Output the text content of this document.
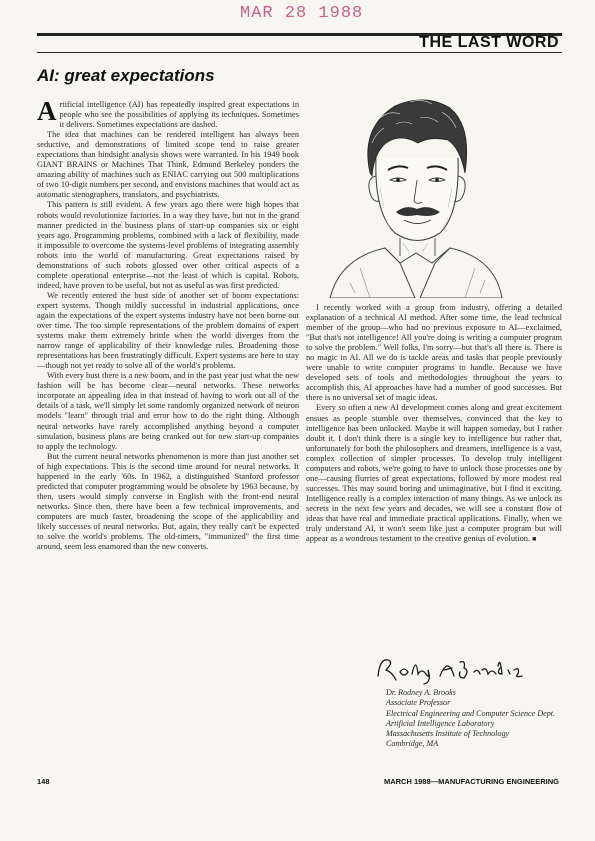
MAR 28 1988
THE LAST WORD
AI: great expectations

Artificial intelligence (AI) has repeatedly inspired great expectations in people who see the possibilities of applying its techniques. Sometimes it delivers. Sometimes expectations are dashed.

The idea that machines can be rendered intelligent has always been seductive, and demonstrations of limited scope tend to raise greater expectations than hindsight analysis shows were warranted. In his 1949 book GIANT BRAINS or Machines That Think, Edmund Berkeley ponders the amazing ability of machines such as ENIAC carrying out 500 multiplications of two 10-digit numbers per second, and envisions machines that would act as automatic stenographers, translators, and psychiatrists.

This pattern is still evident. A few years ago there were high hopes that robots would revolutionize factories. In a way they have, but not in the grand manner predicted in the business plans of start-up companies six or eight years ago. Programming problems, combined with a lack of flexibility, made it impossible to overcome the systems-level problems of integrating assembly robots into the world of manufacturing. Great expectations raised by demonstrations of such robots glossed over other critical aspects of a complete operational enterprise—not the least of which is capital. Robots, indeed, have proven to be useful, but not as useful as was first predicted.

We recently entered the bust side of another set of boom expectations: expert systems. Though mildly successful in industrial applications, once again the expectations of the expert systems industry have not been borne out over time. The too simple representations of the problem domains of expert systems make them extremely brittle when the world diverges from the narrow range of applicability of their knowledge rules. Broadening those representations has been frustratingly difficult. Expert systems are here to stay—though not yet ready to solve all of the world's problems.

With every bust there is a new boom, and in the past year just what the new fashion will be has become clear—neural networks. These networks incorporate an appealing idea in that instead of having to work out all of the details of a task, we'll simply let some randomly organized network of neuron models "learn" through trial and error how to do the right thing. Although neural networks have rarely accomplished anything beyond a computer simulation, business plans are being cranked out for new start-up companies to apply the technology.

But the current neural networks phenomenon is more than just another set of high expectations. This is the second time around for neural networks. It happened in the early '60s. In 1962, a distinguished Stanford professor predicted that computer programming would be obsolete by 1963 because, by then, users would simply converse in English with the front-end neural networks. Since then, there have been a few technical improvements, and computers are much faster, broadening the scope of the applicability and likely successes of neural networks. But, again, they really can't be expected to solve the world's problems. The old-timers, "immunized" the first time around, seem less enamored than the new converts.

I recently worked with a group from industry, offering a detailed explanation of a technical AI method. After some time, the lead technical member of the group—who had no previous exposure to AI—exclaimed, "But that's not intelligence! All you're doing is writing a computer program to solve the problem." Well folks, I'm sorry—but that's all there is. There is no magic in AI. All we do is tackle areas and tasks that people previously were unable to write computer programs to handle. Because we have developed sets of tools and methodologies throughout the years to accomplish this, AI approaches have had a number of good successes. But there is no universal set of magic ideas.

Every so often a new AI development comes along and great excitement ensues as people stumble over themselves, convinced that the key to intelligence has been unlocked. Maybe it will happen someday, but I rather doubt it. I don't think there is a single key to intelligence but rather that, unfortunately for both the philosophers and dreamers, intelligence is a vast, complex collection of simpler processes. To develop truly intelligent computers and robots, we're going to have to unlock those processes one by one—causing flurries of great expectations, followed by more modest real successes. This may sound boring and unimaginative, but I find it exciting. Intelligence really is a complex interaction of many things. As we unlock its secrets in the next few years and decades, we will see a constant flow of ideas that have real and immediate practical applications. Finally, when we truly understand AI, it won't seem like just a computer program but will appear as a wondrous testament to the creative genius of evolution. ■

Dr. Rodney A. Brooks
Associate Professor
Electrical Engineering and Computer Science Dept.
Artificial Intelligence Laboratory
Massachusetts Institute of Technology
Cambridge, MA
148	MARCH 1988—MANUFACTURING ENGINEERING
